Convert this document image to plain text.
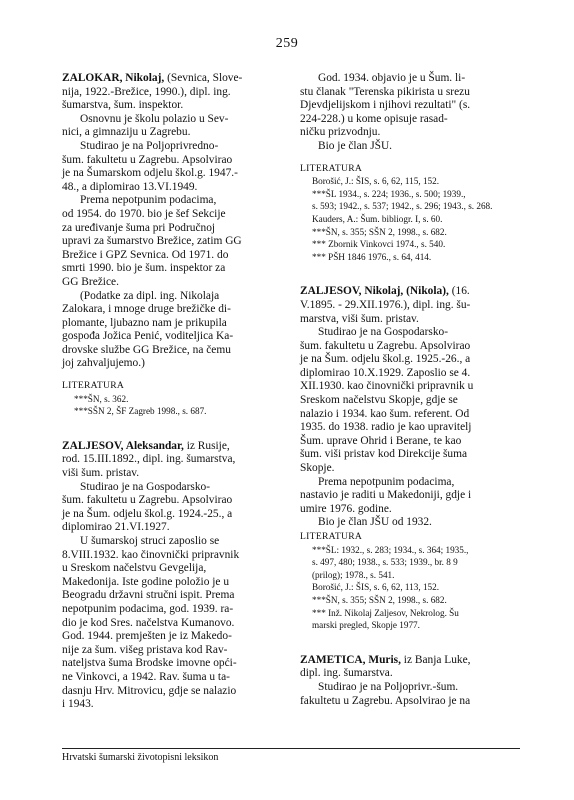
259

ZALOKAR, Nikolaj, (Sevnica, Slove-
nija, 1922.-Brežice, 1990.), dipl. ing.
šumarstva, šum. inspektor.

Osnovnu je školu polazio u Sev-

nici, a gimnaziju u Zagrebu.

Studirao je na Poljoprivredno-
šum. fakultetu u Zagrebu. Apsolvirao
je na Šumarskom odjelu škol.g. 1947.-
48., a diplomirao 13.VI.1949.

Prema nepotpunim podacima,
od 1954. do 1970. bio je šef Sekcije
za uređivanje šuma pri Područnoj
upravi za šumarstvo Brežice, zatim GG
Brežice i GPZ Sevnica. Od 1971. do
smrti 1990. bio je šum. inspektor za
GG Brežice.

(Podatke za dipl. ing. Nikolaja
Zalokara, i mnoge druge brežičke di-
plomante, ljubazno nam je prikupila
gospođa Jožica Penić, voditeljica Ka-
drovske službe GG Brežice, na čemu
joj zahvaljujemo.)

LITERATURA

***ŠN, s. 362.
***SŠN 2, ŠF Zagreb 1998., s. 687.

ZALJESOV, Aleksandar, iz Rusije,
rod. 15.III.1892., dipl. ing. šumarstva,
viši šum. pristav.

Studirao je na Gospodarsko-
šum. fakultetu u Zagrebu. Apsolvirao
je na Šum. odjelu škol.g. 1924.-25., a
diplomirao 21.VI.1927.

U šumarskoj struci zaposlio se
8.VIII.1932. kao činovnički pripravnik
u Sreskom načelstvu Gevgelija,
Makedonija. Iste godine položio je u
Beogradu državni stručni ispit. Prema
nepotpunim podacima, god. 1939. ra-
dio je kod Sres. načelstva Kumanovo.
God. 1944. premješten je iz Makedo-
nije za šum. višeg pristava kod Rav-
nateljstva šuma Brodske imovne opći-
ne Vinkovci, a 1942. Rav. šuma u ta-
dasnju Hrv. Mitrovicu, gdje se nalazio
i 1943.

God. 1934. objavio je u Šum. li-
stu članak "Terenska pikirista u srezu
Djevdjelijskom i njihovi rezultati" (s.
224-228.) u kome opisuje rasad-
ničku prizvodnju.

Bio je član JŠU.

LITERATURA

Borošić, J.: ŠIS, s. 6, 62, 115, 152.
***ŠL 1934., s. 224; 1936., s. 500; 1939.,
s. 593; 1942., s. 537; 1942., s. 296; 1943., s. 268.
Kauders, A.: Šum. bibliogr. I, s. 60.
***ŠN, s. 355; SŠN 2, 1998., s. 682.
*** Zbornik Vinkovci 1974., s. 540.
*** PŠH 1846 1976., s. 64, 414.

ZALJESOV, Nikolaj, (Nikola), (16.
V.1895. - 29.XII.1976.), dipl. ing. šu-
marstva, viši šum. pristav.

Studirao je na Gospodarsko-
šum. fakultetu u Zagrebu. Apsolvirao
je na Šum. odjelu škol.g. 1925.-26., a
diplomirao 10.X.1929. Zaposlio se 4.
XII.1930. kao činovnički pripravnik u
Sreskom načelstvu Skopje, gdje se
nalazio i 1934. kao šum. referent. Od
1935. do 1938. radio je kao upravitelj
Šum. uprave Ohrid i Berane, te kao
šum. viši pristav kod Direkcije šuma
Skopje.

Prema nepotpunim podacima,
nastavio je raditi u Makedoniji, gdje i
umire 1976. godine.

Bio je član JŠU od 1932.

LITERATURA

***ŠL: 1932., s. 283; 1934., s. 364; 1935.,
s. 497, 480; 1938., s. 533; 1939., br. 8 9
(prilog); 1978., s. 541.
Borošić, J.: ŠIS, s. 6, 62, 113, 152.
***ŠN, s. 355; SŠN 2, 1998., s. 682.
*** Inž. Nikolaj Zaljesov, Nekrolog. Šu
marski pregled, Skopje 1977.

ZAMETICA, Muris, iz Banja Luke,
dipl. ing. šumarstva.

Studirao je na Poljoprivr.-šum.
fakultetu u Zagrebu. Apsolvirao je na

Hrvatski šumarski životopisni leksikon
